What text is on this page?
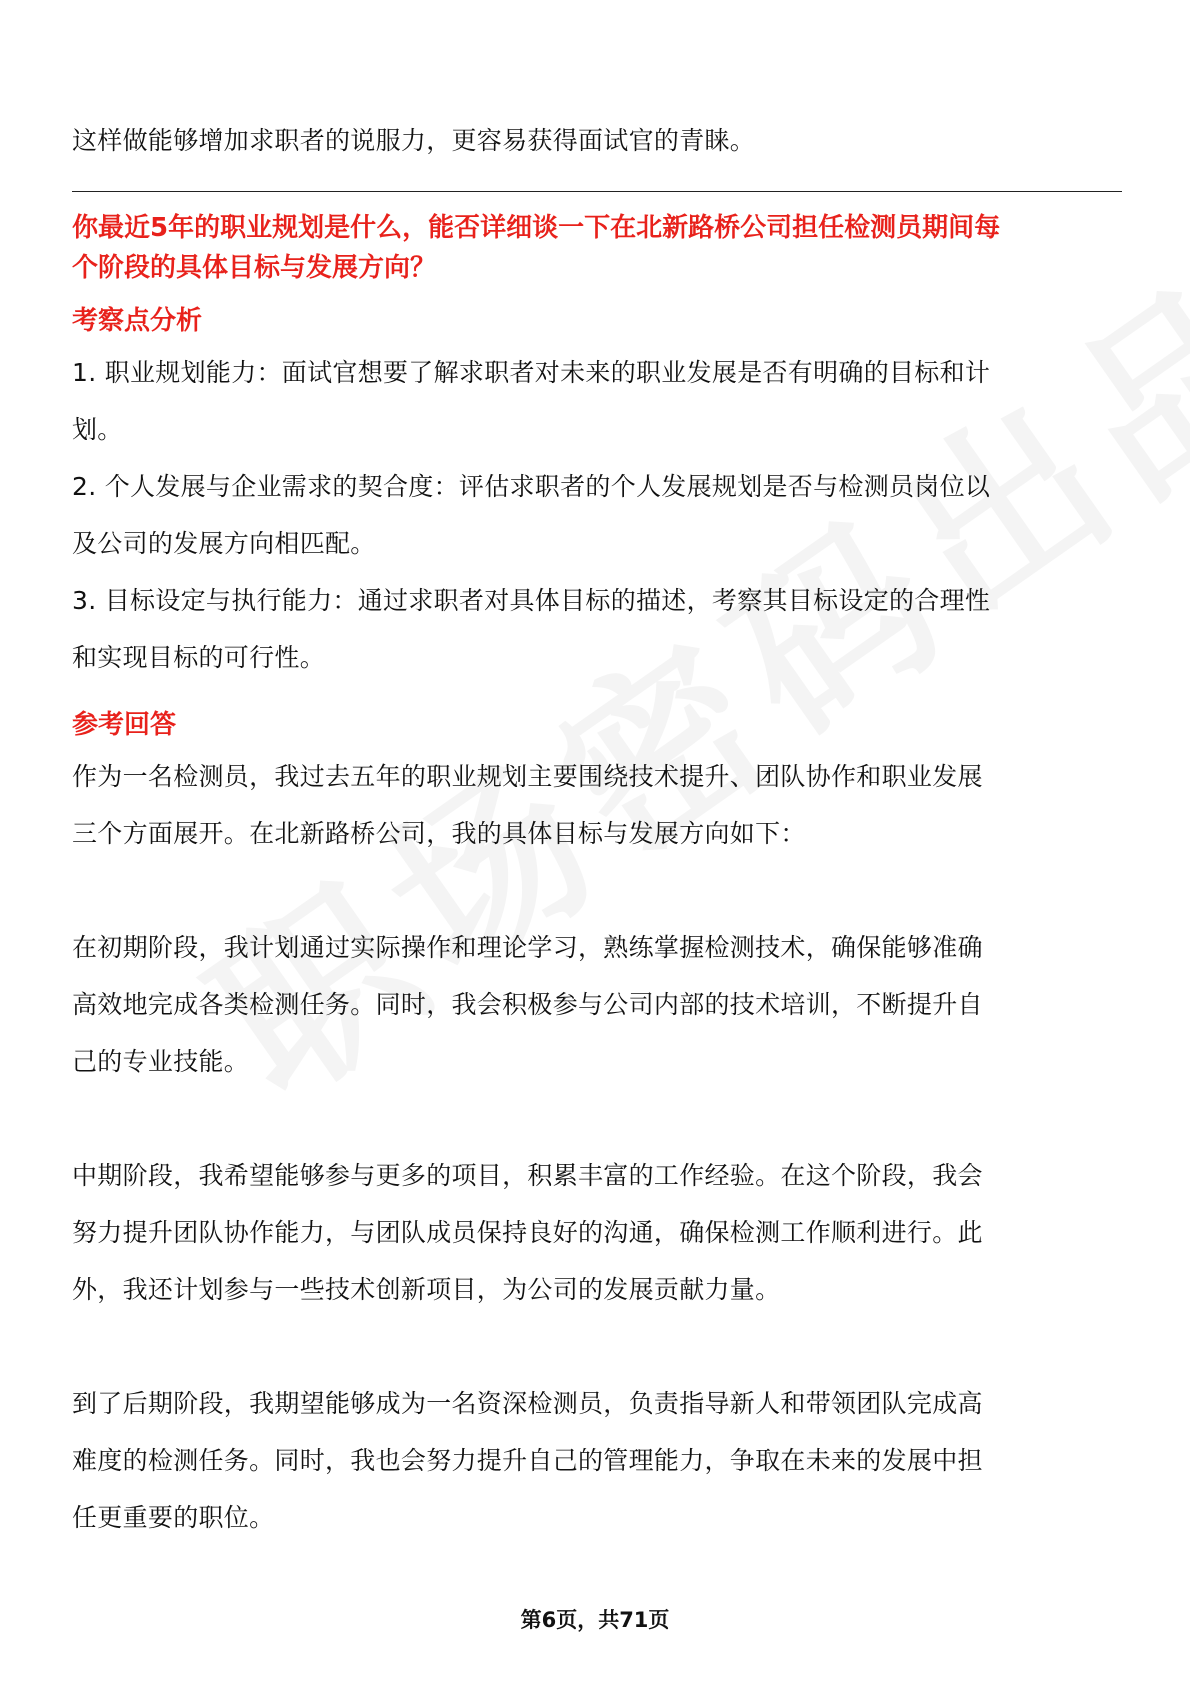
这样做能够增加求职者的说服力，更容易获得面试官的青睐。

你最近5年的职业规划是什么，能否详细谈一下在北新路桥公司担任检测员期间每

个阶段的具体目标与发展方向？

考察点分析

1. 职业规划能力：面试官想要了解求职者对未来的职业发展是否有明确的目标和计

划。

2. 个人发展与企业需求的契合度：评估求职者的个人发展规划是否与检测员岗位以

及公司的发展方向相匹配。

3. 目标设定与执行能力：通过求职者对具体目标的描述，考察其目标设定的合理性

和实现目标的可行性。

参考回答

作为一名检测员，我过去五年的职业规划主要围绕技术提升、团队协作和职业发展

三个方面展开。在北新路桥公司，我的具体目标与发展方向如下：

在初期阶段，我计划通过实际操作和理论学习，熟练掌握检测技术，确保能够准确

高效地完成各类检测任务。同时，我会积极参与公司内部的技术培训，不断提升自

己的专业技能。

中期阶段，我希望能够参与更多的项目，积累丰富的工作经验。在这个阶段，我会

努力提升团队协作能力，与团队成员保持良好的沟通，确保检测工作顺利进行。此

外，我还计划参与一些技术创新项目，为公司的发展贡献力量。

到了后期阶段，我期望能够成为一名资深检测员，负责指导新人和带领团队完成高

难度的检测任务。同时，我也会努力提升自己的管理能力，争取在未来的发展中担

任更重要的职位。

第6页，共71页
